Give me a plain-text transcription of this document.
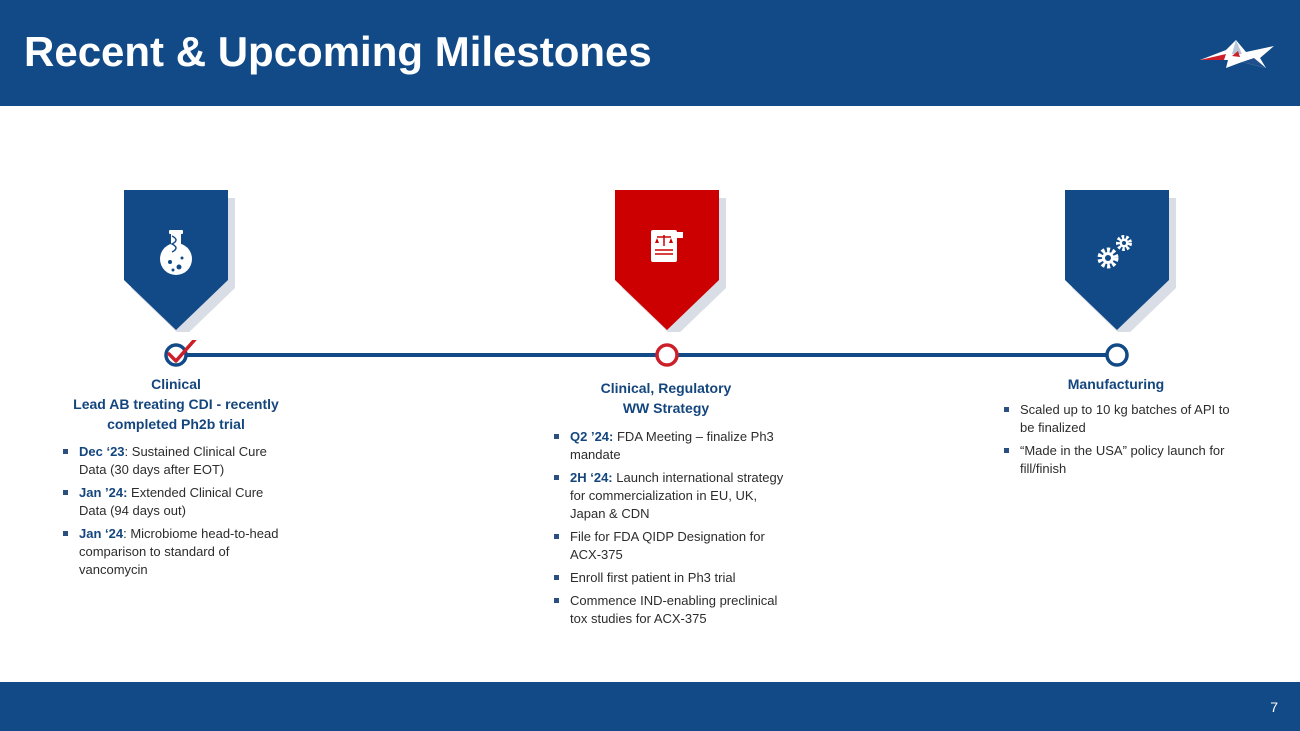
Recent & Upcoming Milestones
Clinical
Lead AB treating CDI - recently
completed Ph2b trial
Dec ‘23: Sustained Clinical Cure Data (30 days after EOT)
Jan ’24: Extended Clinical Cure Data (94 days out)
Jan ‘24: Microbiome head-to-head comparison to standard of vancomycin
Clinical, Regulatory
WW Strategy
Q2 ’24: FDA Meeting – finalize Ph3 mandate
2H ‘24: Launch international strategy for commercialization in EU, UK, Japan & CDN
File for FDA QIDP Designation for ACX-375
Enroll first patient in Ph3 trial
Commence IND-enabling preclinical tox studies for ACX-375
Manufacturing
Scaled up to 10 kg batches of API to be finalized
“Made in the USA” policy launch for fill/finish
7
